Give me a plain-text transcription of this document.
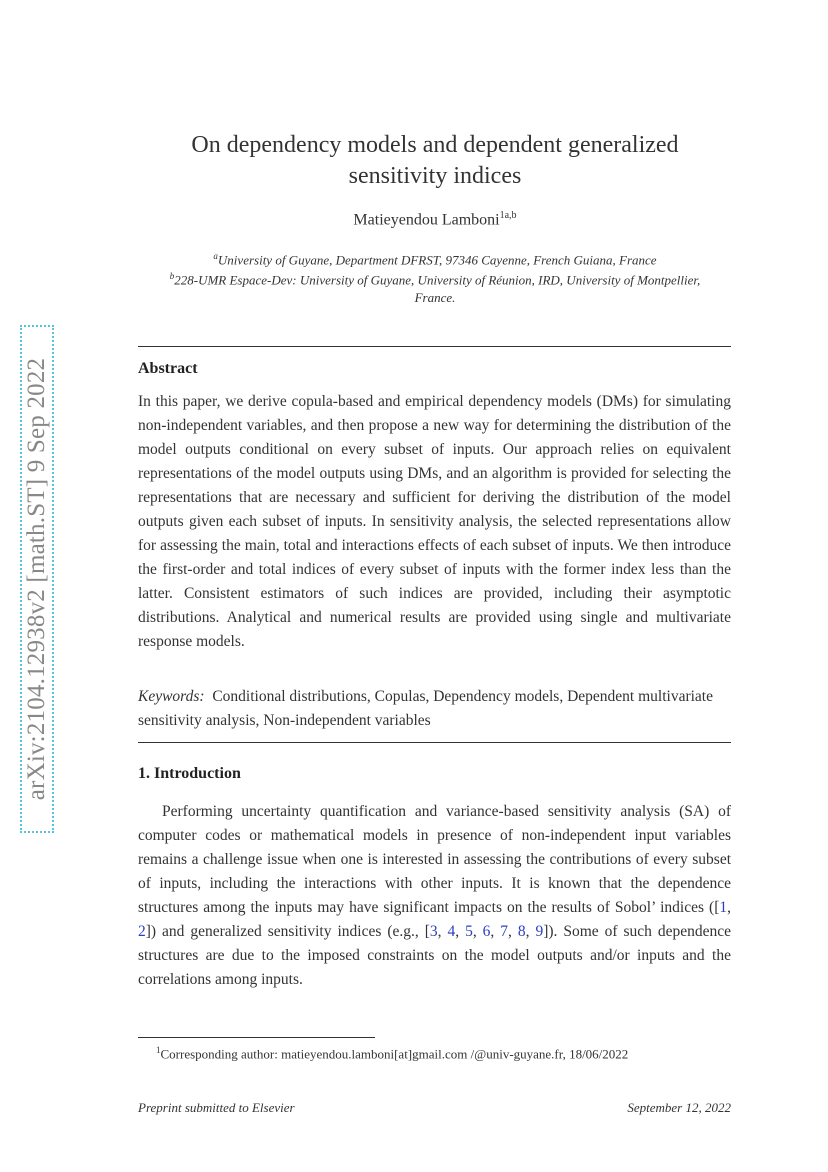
arXiv:2104.12938v2 [math.ST] 9 Sep 2022
On dependency models and dependent generalized
sensitivity indices
Matieyendou Lamboni$^{1a,b}$
$^a$University of Guyane, Department DFRST, 97346 Cayenne, French Guiana, France
$^b$228-UMR Espace-Dev: University of Guyane, University of Réunion, IRD, University of Montpellier, France.
Abstract
In this paper, we derive copula-based and empirical dependency models (DMs) for simulating non-independent variables, and then propose a new way for determining the distribution of the model outputs conditional on every subset of inputs. Our approach relies on equivalent representations of the model outputs using DMs, and an algorithm is provided for selecting the representations that are necessary and sufficient for deriving the distribution of the model outputs given each subset of inputs. In sensitivity analysis, the selected representations allow for assessing the main, total and interactions effects of each subset of inputs. We then introduce the first-order and total indices of every subset of inputs with the former index less than the latter. Consistent estimators of such indices are provided, including their asymptotic distributions. Analytical and numerical results are provided using single and multivariate response models.
Keywords: Conditional distributions, Copulas, Dependency models, Dependent multivariate sensitivity analysis, Non-independent variables
1. Introduction
Performing uncertainty quantification and variance-based sensitivity analysis (SA) of computer codes or mathematical models in presence of non-independent input variables remains a challenge issue when one is interested in assessing the contributions of every subset of inputs, including the interactions with other inputs. It is known that the dependence structures among the inputs may have significant impacts on the results of Sobol’ indices ([1, 2]) and generalized sensitivity indices (e.g., [3, 4, 5, 6, 7, 8, 9]). Some of such dependence structures are due to the imposed constraints on the model outputs and/or inputs and the correlations among inputs.
$^1$Corresponding author: matieyendou.lamboni[at]gmail.com /@univ-guyane.fr, 18/06/2022
Preprint submitted to Elsevier	September 12, 2022
